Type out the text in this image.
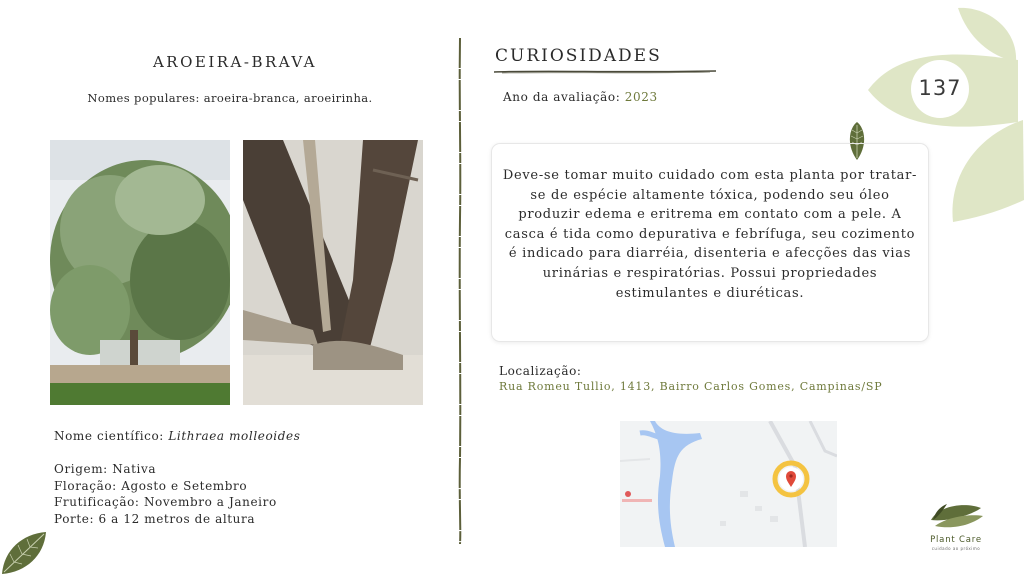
137
AROEIRA-BRAVA
Nomes populares: aroeira-branca, aroeirinha.
Nome científico: Lithraea molleoides
Origem: Nativa
Floração: Agosto e Setembro
Frutificação: Novembro a Janeiro
Porte: 6 a 12 metros de altura
CURIOSIDADES
Ano da avaliação: 2023
Deve-se tomar muito cuidado com esta planta por tratar-se de espécie altamente tóxica, podendo seu óleo produzir edema e eritrema em contato com a pele. A casca é tida como depurativa e febrífuga, seu cozimento é indicado para diarréia, disenteria e afecções das vias urinárias e respiratórias. Possui propriedades estimulantes e diuréticas.
Localização:
Rua Romeu Tullio, 1413, Bairro Carlos Gomes, Campinas/SP
Plant Care
cuidado ao próximo
